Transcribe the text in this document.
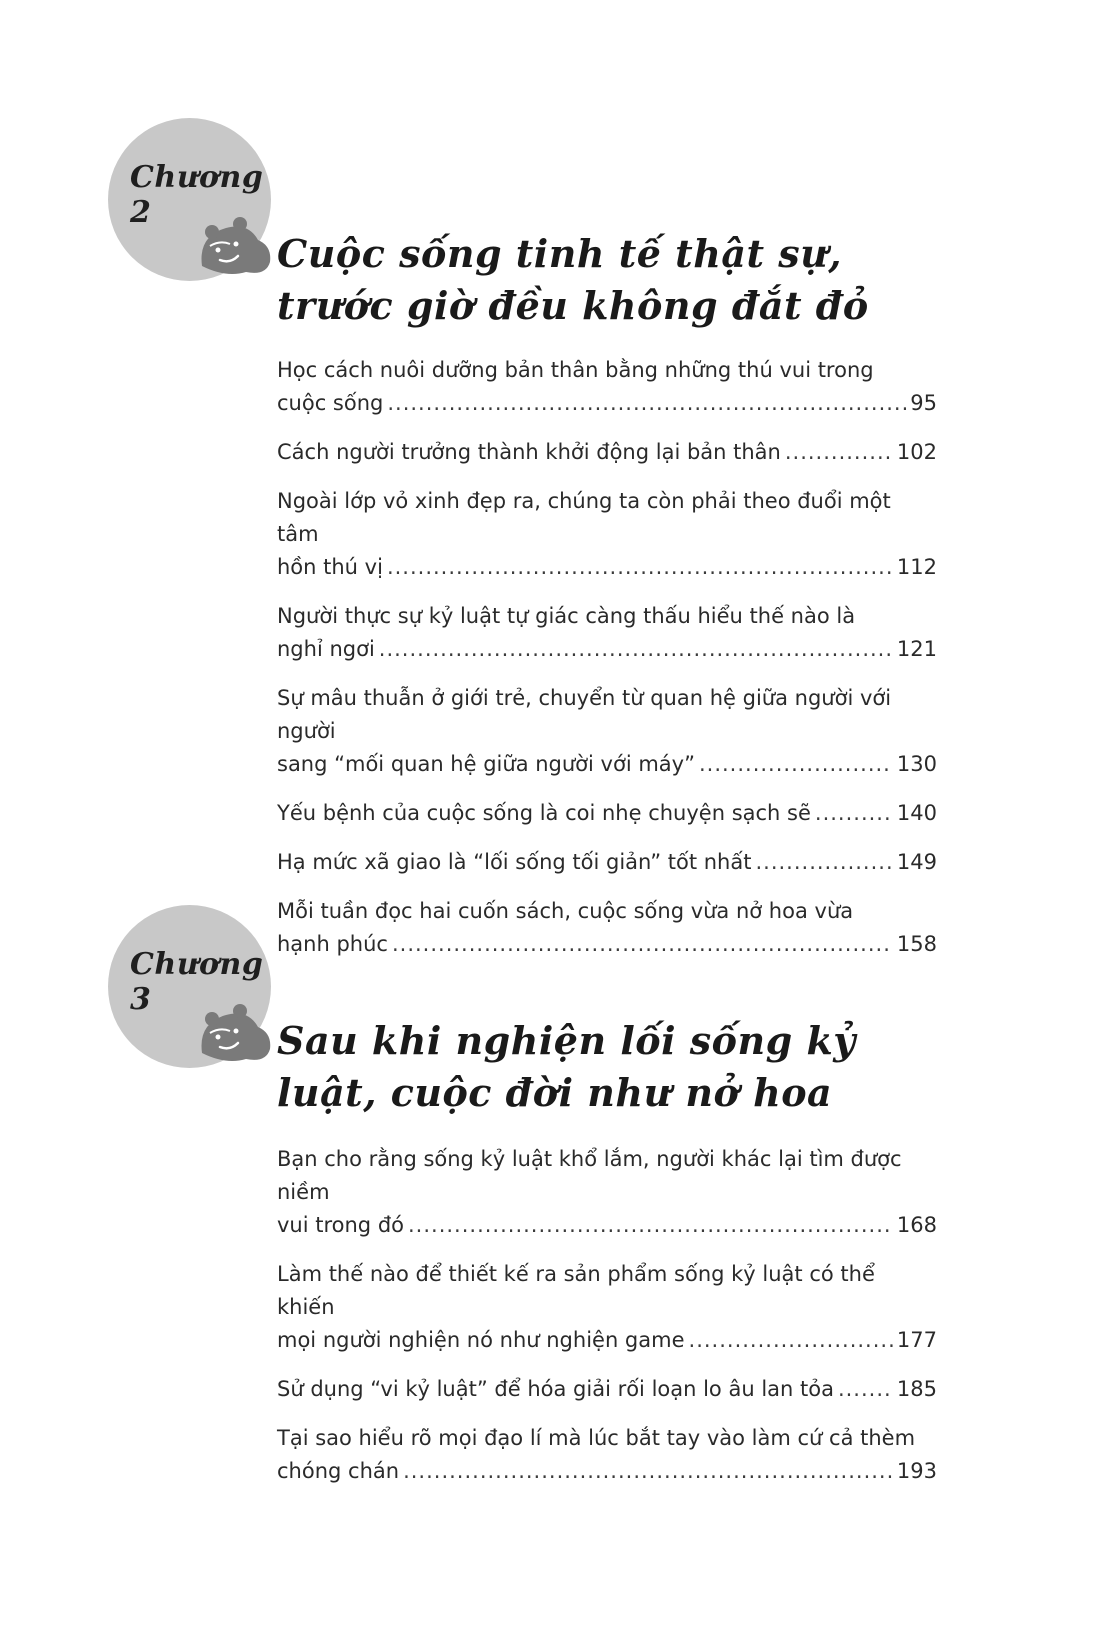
Chương 2
Cuộc sống tinh tế thật sự, trước giờ đều không đắt đỏ
Học cách nuôi dưỡng bản thân bằng những thú vui trong
cuộc sống .....	95
Cách người trưởng thành khởi động lại bản thân .....	102
Ngoài lớp vỏ xinh đẹp ra, chúng ta còn phải theo đuổi một tâm
hồn thú vị .....	112
Người thực sự kỷ luật tự giác càng thấu hiểu thế nào là
nghỉ ngơi .....	121
Sự mâu thuẫn ở giới trẻ, chuyển từ quan hệ giữa người với người
sang “mối quan hệ giữa người với máy” .....	130
Yếu bệnh của cuộc sống là coi nhẹ chuyện sạch sẽ .....	140
Hạ mức xã giao là “lối sống tối giản” tốt nhất .....	149
Mỗi tuần đọc hai cuốn sách, cuộc sống vừa nở hoa vừa
hạnh phúc .....	158
Chương 3
Sau khi nghiện lối sống kỷ luật, cuộc đời như nở hoa
Bạn cho rằng sống kỷ luật khổ lắm, người khác lại tìm được niềm
vui trong đó .....	168
Làm thế nào để thiết kế ra sản phẩm sống kỷ luật có thể khiến
mọi người nghiện nó như nghiện game .....	177
Sử dụng “vi kỷ luật” để hóa giải rối loạn lo âu lan tỏa .....	185
Tại sao hiểu rõ mọi đạo lí mà lúc bắt tay vào làm cứ cả thèm
chóng chán .....	193
